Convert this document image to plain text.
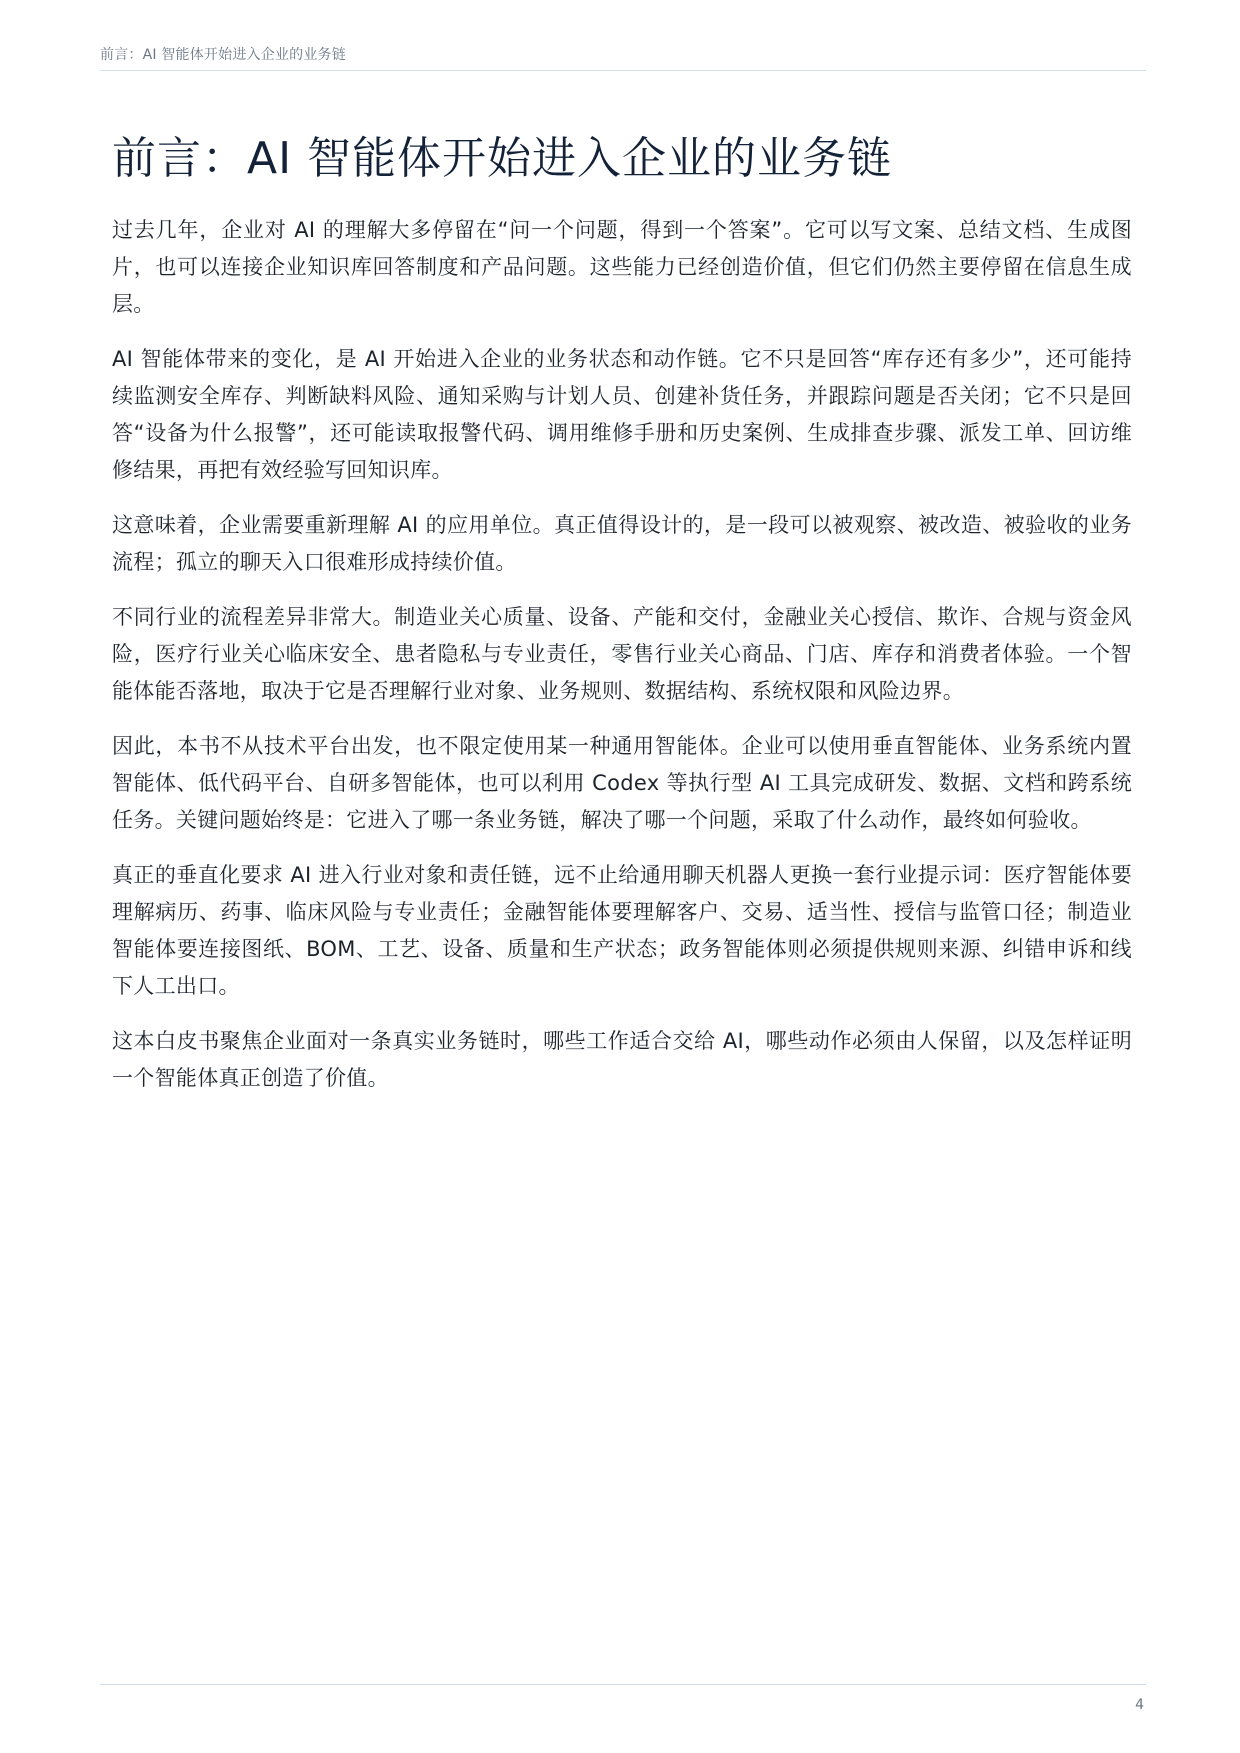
前言：AI 智能体开始进入企业的业务链
前言：AI 智能体开始进入企业的业务链

过去几年，企业对 AI 的理解大多停留在“问一个问题，得到一个答案”。它可以写文案、总结文档、生成图片，也可以连接企业知识库回答制度和产品问题。这些能力已经创造价值，但它们仍然主要停留在信息生成层。

AI 智能体带来的变化，是 AI 开始进入企业的业务状态和动作链。它不只是回答“库存还有多少”，还可能持续监测安全库存、判断缺料风险、通知采购与计划人员、创建补货任务，并跟踪问题是否关闭；它不只是回答“设备为什么报警”，还可能读取报警代码、调用维修手册和历史案例、生成排查步骤、派发工单、回访维修结果，再把有效经验写回知识库。

这意味着，企业需要重新理解 AI 的应用单位。真正值得设计的，是一段可以被观察、被改造、被验收的业务流程；孤立的聊天入口很难形成持续价值。

不同行业的流程差异非常大。制造业关心质量、设备、产能和交付，金融业关心授信、欺诈、合规与资金风险，医疗行业关心临床安全、患者隐私与专业责任，零售行业关心商品、门店、库存和消费者体验。一个智能体能否落地，取决于它是否理解行业对象、业务规则、数据结构、系统权限和风险边界。

因此，本书不从技术平台出发，也不限定使用某一种通用智能体。企业可以使用垂直智能体、业务系统内置智能体、低代码平台、自研多智能体，也可以利用 Codex 等执行型 AI 工具完成研发、数据、文档和跨系统任务。关键问题始终是：它进入了哪一条业务链，解决了哪一个问题，采取了什么动作，最终如何验收。

真正的垂直化要求 AI 进入行业对象和责任链，远不止给通用聊天机器人更换一套行业提示词：医疗智能体要理解病历、药事、临床风险与专业责任；金融智能体要理解客户、交易、适当性、授信与监管口径；制造业智能体要连接图纸、BOM、工艺、设备、质量和生产状态；政务智能体则必须提供规则来源、纠错申诉和线下人工出口。

这本白皮书聚焦企业面对一条真实业务链时，哪些工作适合交给 AI，哪些动作必须由人保留，以及怎样证明一个智能体真正创造了价值。

4
